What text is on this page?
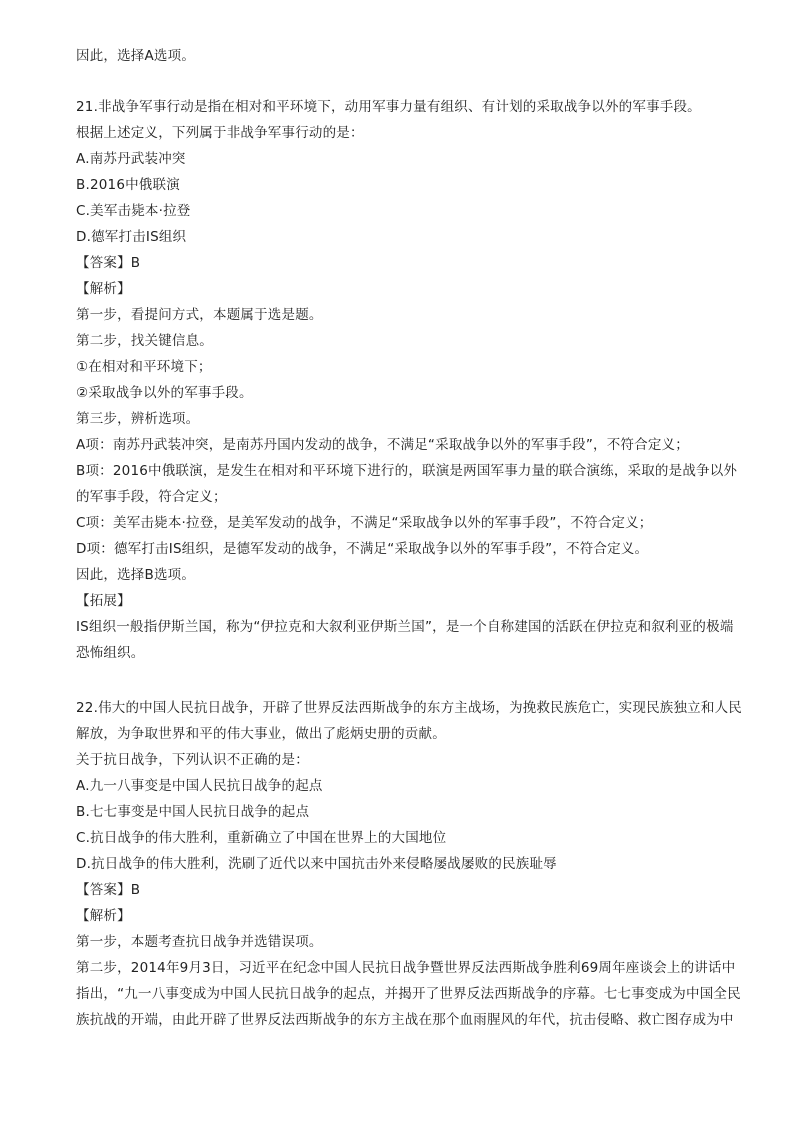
因此，选择A选项。
21.非战争军事行动是指在相对和平环境下，动用军事力量有组织、有计划的采取战争以外的军事手段。
根据上述定义，下列属于非战争军事行动的是：
A.南苏丹武装冲突
B.2016中俄联演
C.美军击毙本·拉登
D.德军打击IS组织
【答案】B
【解析】
第一步，看提问方式，本题属于选是题。
第二步，找关键信息。
①在相对和平环境下；
②采取战争以外的军事手段。
第三步，辨析选项。
A项：南苏丹武装冲突，是南苏丹国内发动的战争，不满足“采取战争以外的军事手段”，不符合定义；
B项：2016中俄联演，是发生在相对和平环境下进行的，联演是两国军事力量的联合演练，采取的是战争以外
的军事手段，符合定义；
C项：美军击毙本·拉登，是美军发动的战争，不满足“采取战争以外的军事手段”，不符合定义；
D项：德军打击IS组织，是德军发动的战争，不满足“采取战争以外的军事手段”，不符合定义。
因此，选择B选项。
【拓展】
IS组织一般指伊斯兰国，称为“伊拉克和大叙利亚伊斯兰国”，是一个自称建国的活跃在伊拉克和叙利亚的极端
恐怖组织。
22.伟大的中国人民抗日战争，开辟了世界反法西斯战争的东方主战场，为挽救民族危亡，实现民族独立和人民
解放，为争取世界和平的伟大事业，做出了彪炳史册的贡献。
关于抗日战争，下列认识不正确的是：
A.九一八事变是中国人民抗日战争的起点
B.七七事变是中国人民抗日战争的起点
C.抗日战争的伟大胜利，重新确立了中国在世界上的大国地位
D.抗日战争的伟大胜利，洗刷了近代以来中国抗击外来侵略屡战屡败的民族耻辱
【答案】B
【解析】
第一步，本题考查抗日战争并选错误项。
第二步，2014年9月3日，习近平在纪念中国人民抗日战争暨世界反法西斯战争胜利69周年座谈会上的讲话中
指出，“九一八事变成为中国人民抗日战争的起点，并揭开了世界反法西斯战争的序幕。七七事变成为中国全民
族抗战的开端，由此开辟了世界反法西斯战争的东方主战在那个血雨腥风的年代，抗击侵略、救亡图存成为中
